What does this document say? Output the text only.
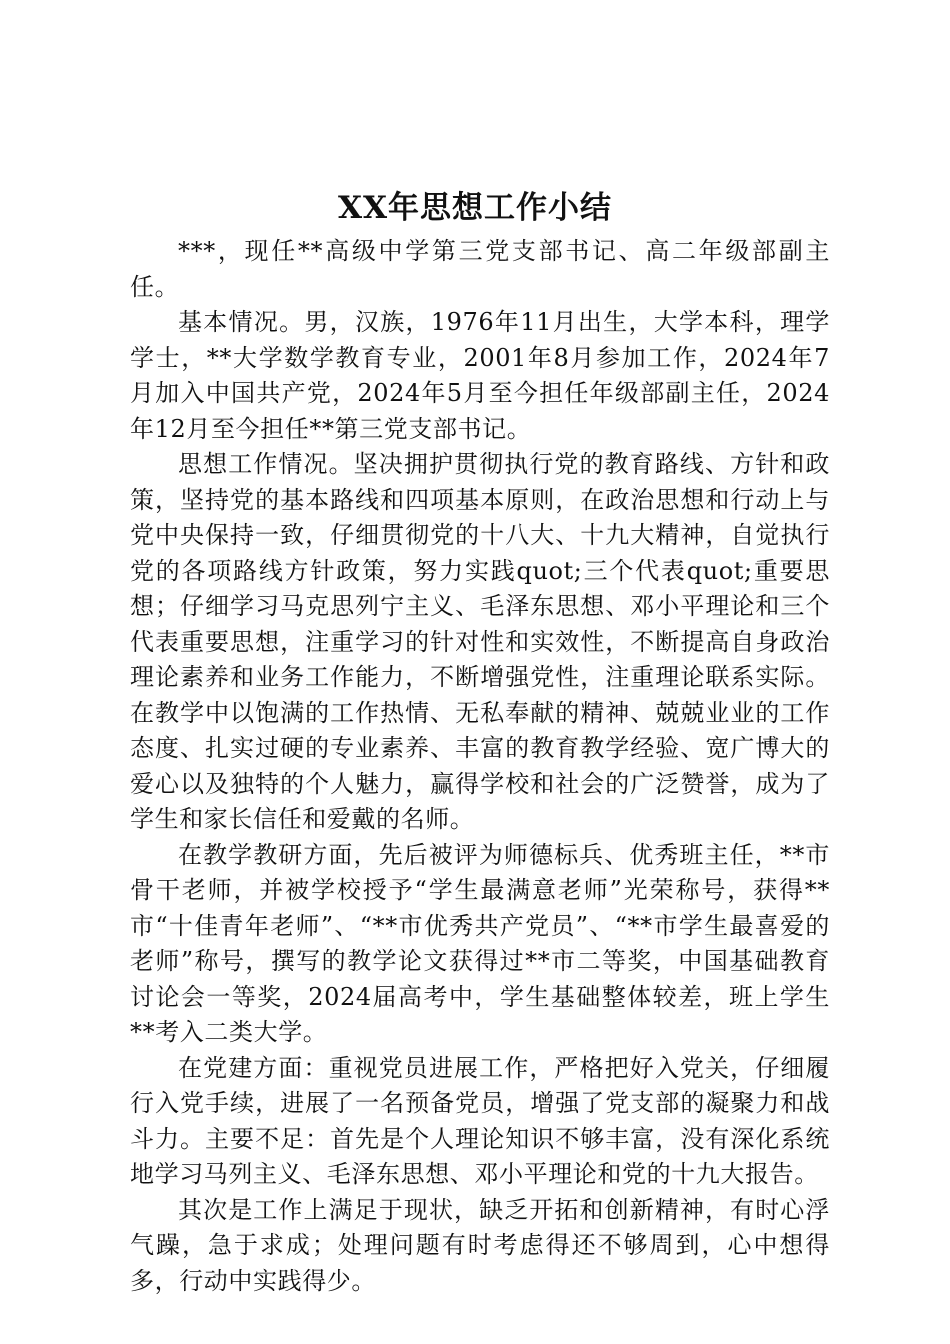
XX年思想工作小结

***，现任**高级中学第三党支部书记、高二年级部副主任。

基本情况。男，汉族，1976年11月出生，大学本科，理学学士，**大学数学教育专业，2001年8月参加工作，2024年7月加入中国共产党，2024年5月至今担任年级部副主任，2024年12月至今担任**第三党支部书记。

思想工作情况。坚决拥护贯彻执行党的教育路线、方针和政策，坚持党的基本路线和四项基本原则，在政治思想和行动上与党中央保持一致，仔细贯彻党的十八大、十九大精神，自觉执行党的各项路线方针政策，努力实践quot;三个代表quot;重要思想；仔细学习马克思列宁主义、毛泽东思想、邓小平理论和三个代表重要思想，注重学习的针对性和实效性，不断提高自身政治理论素养和业务工作能力，不断增强党性，注重理论联系实际。在教学中以饱满的工作热情、无私奉献的精神、兢兢业业的工作态度、扎实过硬的专业素养、丰富的教育教学经验、宽广博大的爱心以及独特的个人魅力，赢得学校和社会的广泛赞誉，成为了学生和家长信任和爱戴的名师。

在教学教研方面，先后被评为师德标兵、优秀班主任，**市骨干老师，并被学校授予“学生最满意老师”光荣称号，获得**市“十佳青年老师”、“**市优秀共产党员”、“**市学生最喜爱的老师”称号，撰写的教学论文获得过**市二等奖，中国基础教育讨论会一等奖，2024届高考中，学生基础整体较差，班上学生**考入二类大学。

在党建方面：重视党员进展工作，严格把好入党关，仔细履行入党手续，进展了一名预备党员，增强了党支部的凝聚力和战斗力。主要不足：首先是个人理论知识不够丰富，没有深化系统地学习马列主义、毛泽东思想、邓小平理论和党的十九大报告。

其次是工作上满足于现状，缺乏开拓和创新精神，有时心浮气躁，急于求成；处理问题有时考虑得还不够周到，心中想得多，行动中实践得少。
